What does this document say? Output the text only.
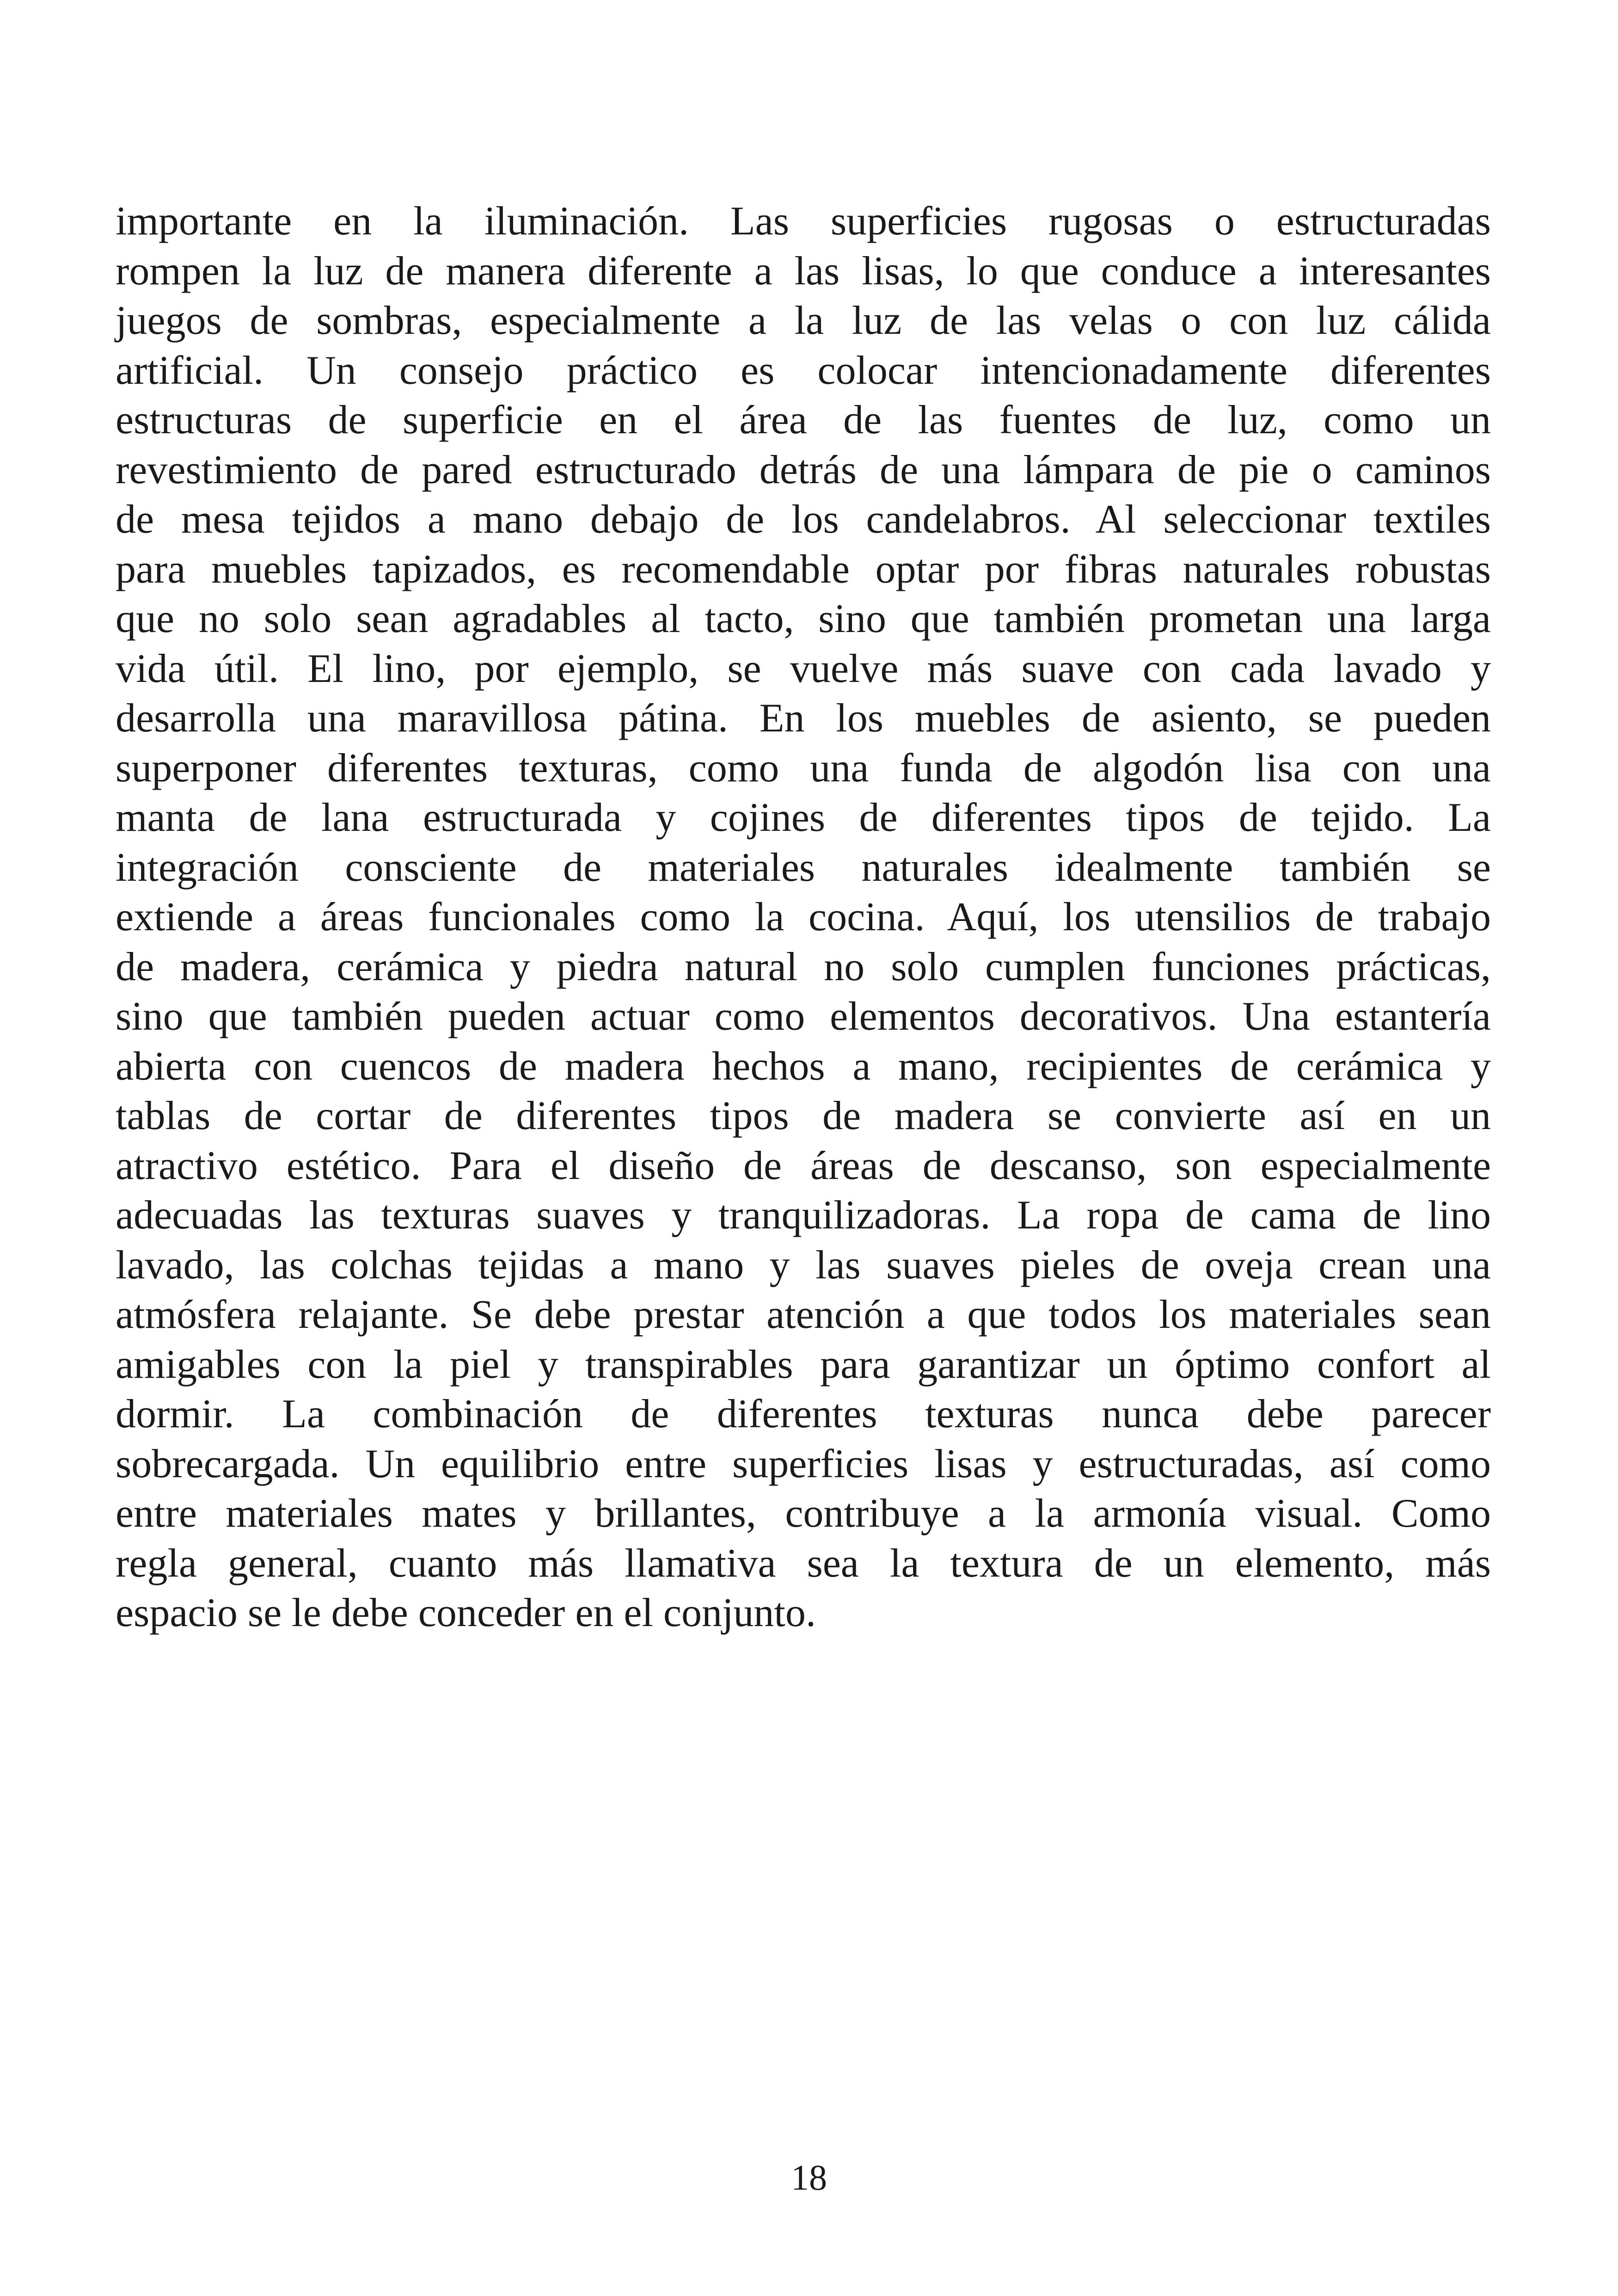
importante en la iluminación. Las superficies rugosas o estructuradas
rompen la luz de manera diferente a las lisas, lo que conduce a interesantes
juegos de sombras, especialmente a la luz de las velas o con luz cálida
artificial. Un consejo práctico es colocar intencionadamente diferentes
estructuras de superficie en el área de las fuentes de luz, como un
revestimiento de pared estructurado detrás de una lámpara de pie o caminos
de mesa tejidos a mano debajo de los candelabros. Al seleccionar textiles
para muebles tapizados, es recomendable optar por fibras naturales robustas
que no solo sean agradables al tacto, sino que también prometan una larga
vida útil. El lino, por ejemplo, se vuelve más suave con cada lavado y
desarrolla una maravillosa pátina. En los muebles de asiento, se pueden
superponer diferentes texturas, como una funda de algodón lisa con una
manta de lana estructurada y cojines de diferentes tipos de tejido. La
integración consciente de materiales naturales idealmente también se
extiende a áreas funcionales como la cocina. Aquí, los utensilios de trabajo
de madera, cerámica y piedra natural no solo cumplen funciones prácticas,
sino que también pueden actuar como elementos decorativos. Una estantería
abierta con cuencos de madera hechos a mano, recipientes de cerámica y
tablas de cortar de diferentes tipos de madera se convierte así en un
atractivo estético. Para el diseño de áreas de descanso, son especialmente
adecuadas las texturas suaves y tranquilizadoras. La ropa de cama de lino
lavado, las colchas tejidas a mano y las suaves pieles de oveja crean una
atmósfera relajante. Se debe prestar atención a que todos los materiales sean
amigables con la piel y transpirables para garantizar un óptimo confort al
dormir. La combinación de diferentes texturas nunca debe parecer
sobrecargada. Un equilibrio entre superficies lisas y estructuradas, así como
entre materiales mates y brillantes, contribuye a la armonía visual. Como
regla general, cuanto más llamativa sea la textura de un elemento, más
espacio se le debe conceder en el conjunto.
18
